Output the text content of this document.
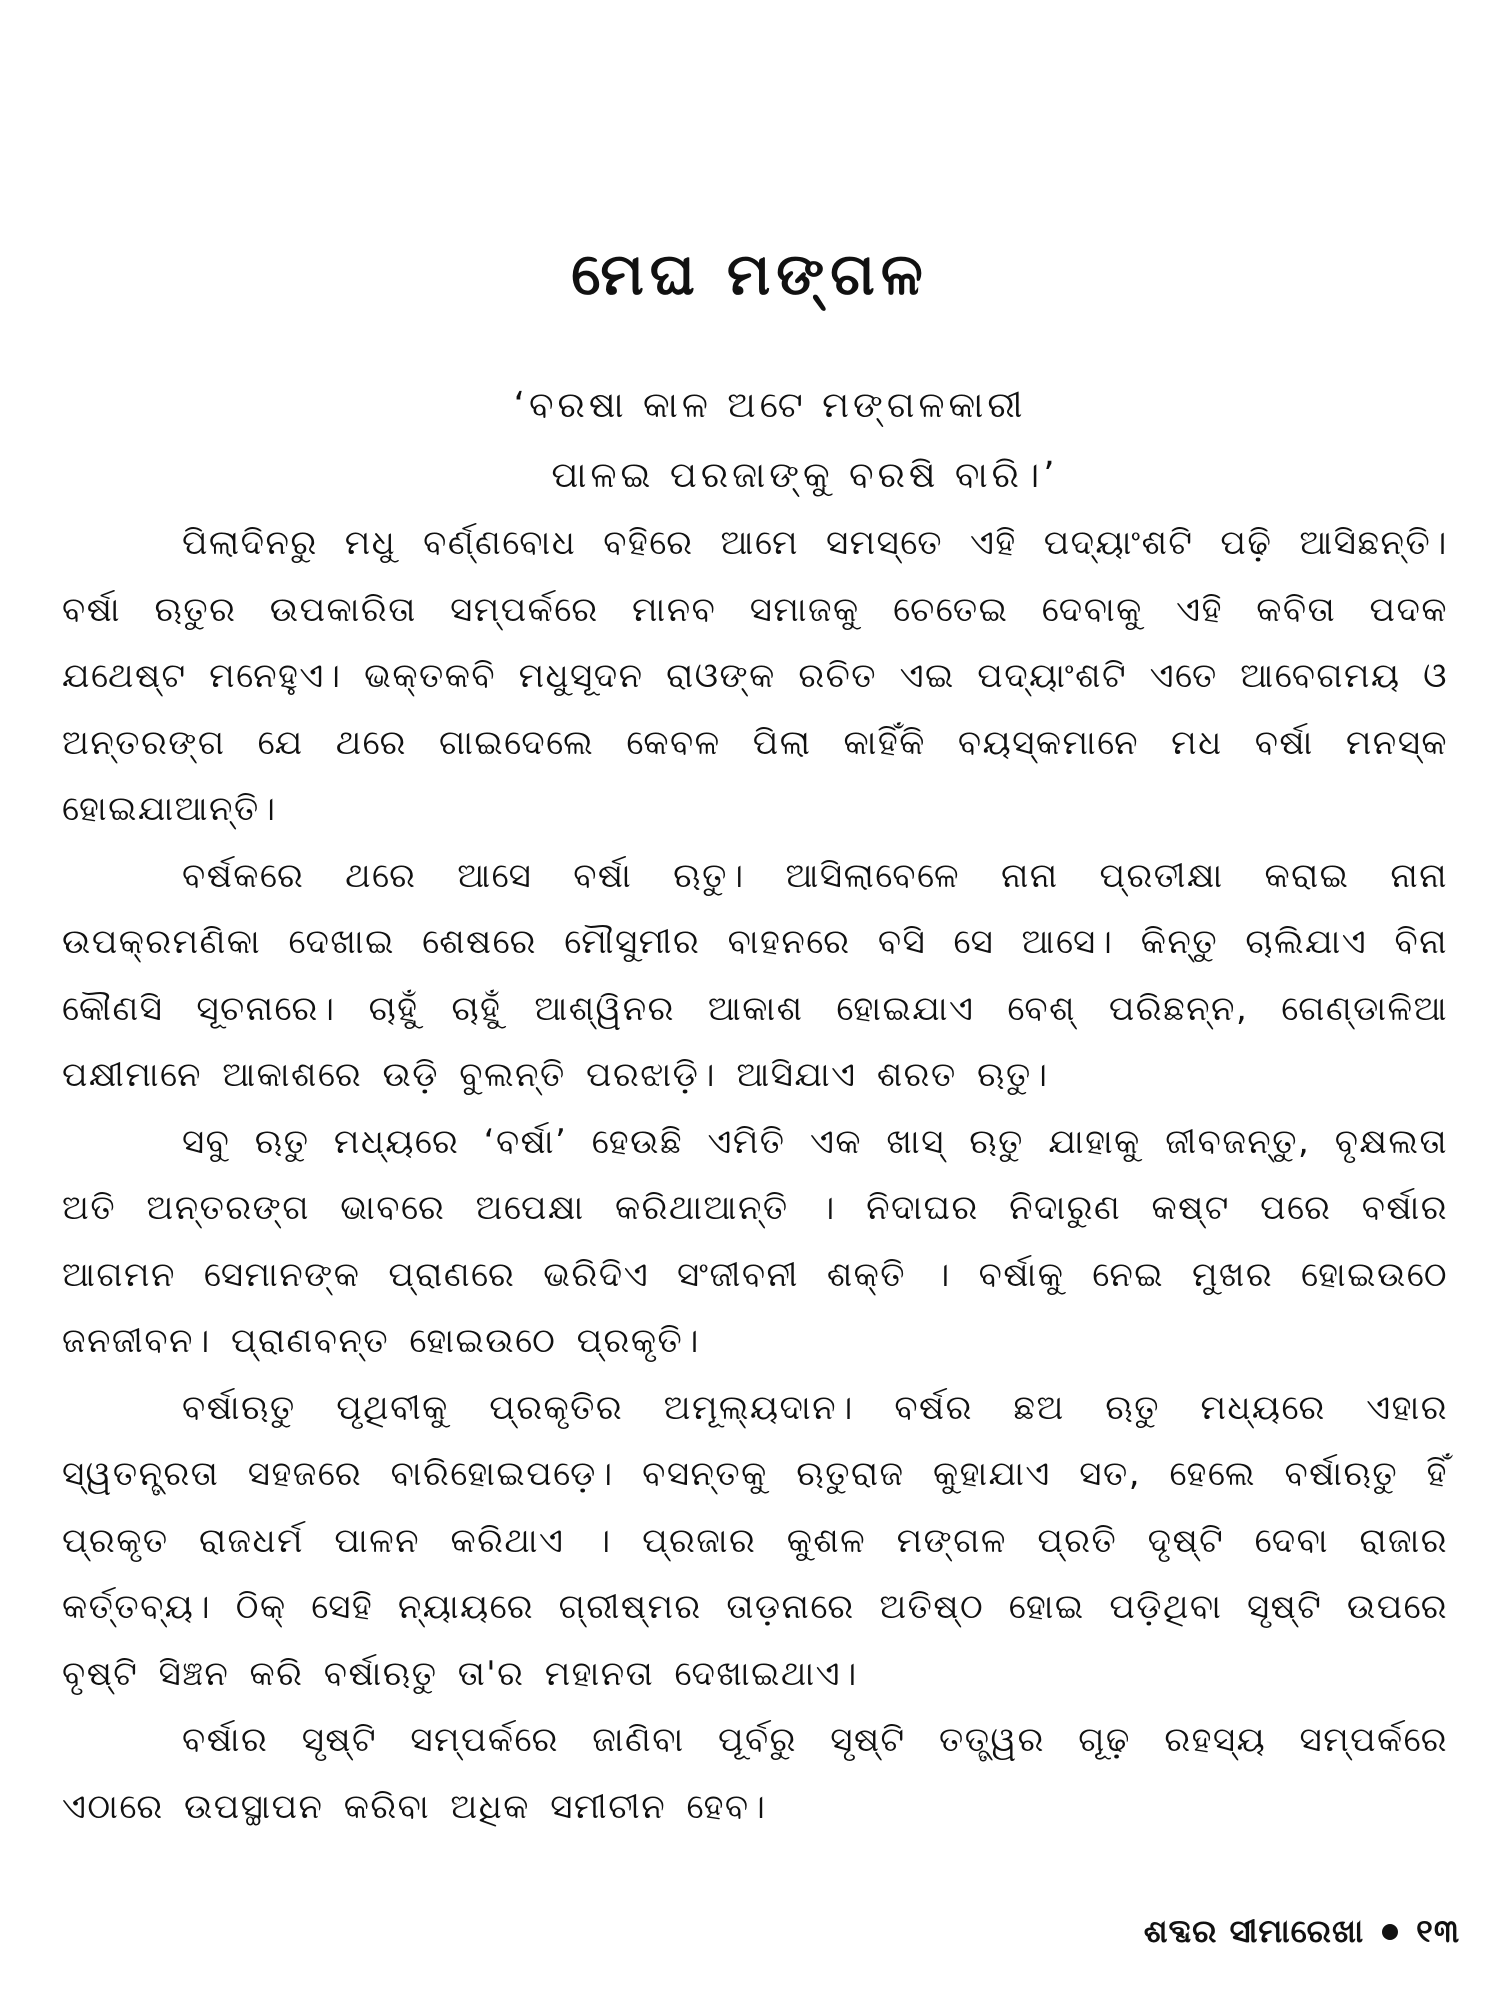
ମେଘ ମଙ୍ଗଳ
‘ବରଷା କାଳ ଅଟେ ମଙ୍ଗଳକାରୀ
ପାଳଇ ପରଜାଙ୍କୁ ବରଷି ବାରି।’

ପିଲାଦିନରୁ ମଧୁ ବର୍ଣ୍ଣବୋଧ ବହିରେ ଆମେ ସମସ୍ତେ ଏହି ପଦ୍ୟାଂଶଟି ପଢ଼ି ଆସିଛନ୍ତି। ବର୍ଷା ଋତୁର ଉପକାରିତା ସମ୍ପର୍କରେ ମାନବ ସମାଜକୁ ଚେତେଇ ଦେବାକୁ ଏହି କବିତା ପଦକ ଯଥେଷ୍ଟ ମନେହୁଏ। ଭକ୍ତକବି ମଧୁସୂଦନ ରାଓଙ୍କ ରଚିତ ଏଇ ପଦ୍ୟାଂଶଟି ଏତେ ଆବେଗମୟ ଓ ଅନ୍ତରଙ୍ଗ ଯେ ଥରେ ଗାଇଦେଲେ କେବଳ ପିଲା କାହିଁକି ବୟସ୍କମାନେ ମଧ ବର୍ଷା ମନସ୍କ ହୋଇଯାଆନ୍ତି।

ବର୍ଷକରେ ଥରେ ଆସେ ବର୍ଷା ଋତୁ। ଆସିଲାବେଳେ ନାନା ପ୍ରତୀକ୍ଷା କରାଇ ନାନା ଉପକ୍ରମଣିକା ଦେଖାଇ ଶେଷରେ ମୌସୁମୀର ବାହନରେ ବସି ସେ ଆସେ। କିନ୍ତୁ ଚାଲିଯାଏ ବିନା କୌଣସି ସୂଚନାରେ। ଚାହୁଁ ଚାହୁଁ ଆଶ୍ୱିନର ଆକାଶ ହୋଇଯାଏ ବେଶ୍ ପରିଛନ୍ନ, ଗେଣ୍ଡାଳିଆ ପକ୍ଷୀମାନେ ଆକାଶରେ ଉଡ଼ି ବୁଲନ୍ତି ପରଝାଡ଼ି। ଆସିଯାଏ ଶରତ ଋତୁ।

ସବୁ ଋତୁ ମଧ୍ୟରେ ‘ବର୍ଷା’ ହେଉଛି ଏମିତି ଏକ ଖାସ୍ ଋତୁ ଯାହାକୁ ଜୀବଜନ୍ତୁ, ବୃକ୍ଷଲତା ଅତି ଅନ୍ତରଙ୍ଗ ଭାବରେ ଅପେକ୍ଷା କରିଥାଆନ୍ତି । ନିଦାଘର ନିଦାରୁଣ କଷ୍ଟ ପରେ ବର୍ଷାର ଆଗମନ ସେମାନଙ୍କ ପ୍ରାଣରେ ଭରିଦିଏ ସଂଜୀବନୀ ଶକ୍ତି । ବର୍ଷାକୁ ନେଇ ମୁଖର ହୋଇଉଠେ ଜନଜୀବନ। ପ୍ରାଣବନ୍ତ ହୋଇଉଠେ ପ୍ରକୃତି।

ବର୍ଷାଋତୁ ପୃଥିବୀକୁ ପ୍ରକୃତିର ଅମୂଲ୍ୟଦାନ। ବର୍ଷର ଛଅ ଋତୁ ମଧ୍ୟରେ ଏହାର ସ୍ୱତନ୍ତ୍ରତା ସହଜରେ ବାରିହୋଇପଡ଼େ। ବସନ୍ତକୁ ଋତୁରାଜ କୁହାଯାଏ ସତ, ହେଲେ ବର୍ଷାଋତୁ ହିଁ ପ୍ରକୃତ ରାଜଧର୍ମ ପାଳନ କରିଥାଏ । ପ୍ରଜାର କୁଶଳ ମଙ୍ଗଳ ପ୍ରତି ଦୃଷ୍ଟି ଦେବା ରାଜାର କର୍ତ୍ତବ୍ୟ। ଠିକ୍ ସେହି ନ୍ୟାୟରେ ଗ୍ରୀଷ୍ମର ତାଡ଼ନାରେ ଅତିଷ୍ଠ ହୋଇ ପଡ଼ିଥିବା ସୃଷ୍ଟି ଉପରେ ବୃଷ୍ଟି ସିଞ୍ଚନ କରି ବର୍ଷାଋତୁ ତା'ର ମହାନତା ଦେଖାଇଥାଏ।

ବର୍ଷାର ସୃଷ୍ଟି ସମ୍ପର୍କରେ ଜାଣିବା ପୂର୍ବରୁ ସୃଷ୍ଟି ତତ୍ତ୍ୱର ଗୂଢ଼ ରହସ୍ୟ ସମ୍ପର୍କରେ ଏଠାରେ ଉପସ୍ଥାପନ କରିବା ଅଧିକ ସମୀଚୀନ ହେବ।

ଶବ୍ଦର ସୀମାରେଖା ୧୩
